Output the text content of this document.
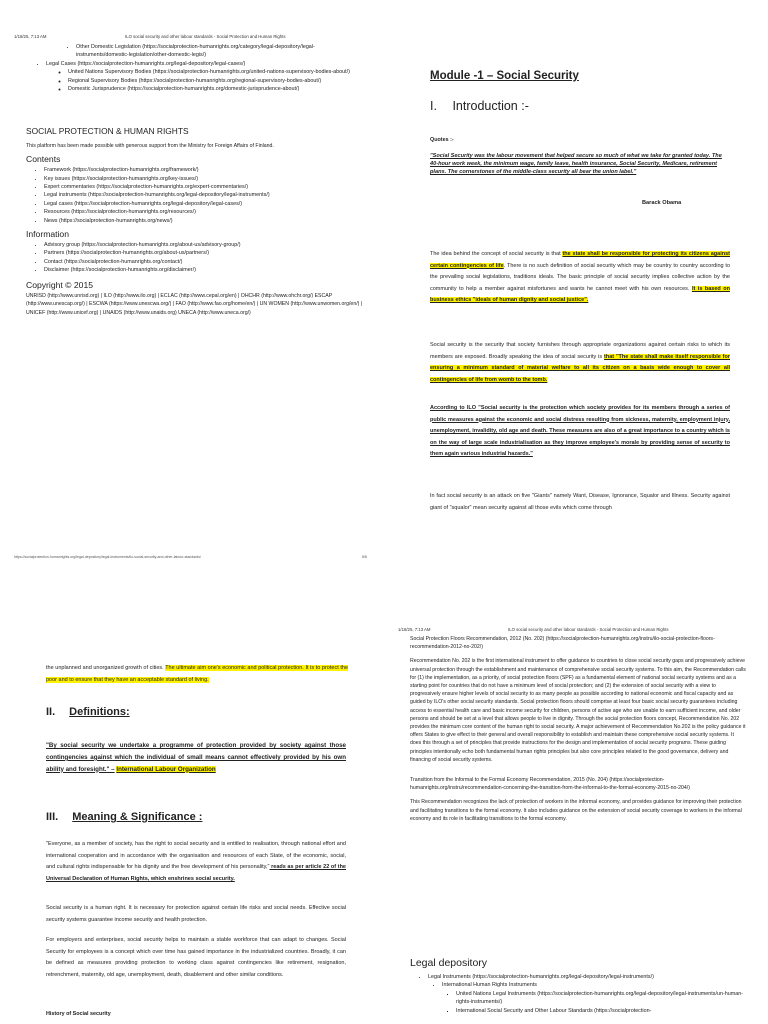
1/18/25, 7:13 AM	ILO social security and other labour standards - Social Protection and Human Rights
• Other Domestic Legislation (https://socialprotection-humanrights.org/category/legal-depository/legal-instruments/domestic-legislation/other-domestic-legis/)
• Legal Cases (https://socialprotection-humanrights.org/legal-depository/legal-cases/)
◦ United Nations Supervisory Bodies (https://socialprotection-humanrights.org/united-nations-supervisory-bodies-about/)
◦ Regional Supervisory Bodies (https://socialprotection-humanrights.org/regional-supervisory-bodies-about/)
◦ Domestic Jurisprudence (https://socialprotection-humanrights.org/domestic-jurisprudence-about/)
SOCIAL PROTECTION & HUMAN RIGHTS
This platform has been made possible with generous support from the Ministry for Foreign Affairs of Finland.
Contents
• Framework (https://socialprotection-humanrights.org/framework/)
• Key issues (https://socialprotection-humanrights.org/key-issues/)
• Expert commentaries (https://socialprotection-humanrights.org/expert-commentaries/)
• Legal instruments (https://socialprotection-humanrights.org/legal-depository/legal-instruments/)
• Legal cases (https://socialprotection-humanrights.org/legal-depository/legal-cases/)
• Resources (https://socialprotection-humanrights.org/resources/)
• News (https://socialprotection-humanrights.org/news/)
Information
• Advisory group (https://socialprotection-humanrights.org/about-us/advisory-group/)
• Partners (https://socialprotection-humanrights.org/about-us/partners/)
• Contact (https://socialprotection-humanrights.org/contact/)
• Disclaimer (https://socialprotection-humanrights.org/disclaimer/)
Copyright © 2015
UNRISD (http://www.unrisd.org) | ILO (http://www.ilo.org) | ECLAC (http://www.cepal.org/en) | OHCHR (http://www.ohchr.org/) ESCAP (http://www.unescap.org/) | ESCWA (https://www.unescwa.org/) | FAO (http://www.fao.org/home/en/) | UN WOMEN (http://www.unwomen.org/en/) | UNICEF (http://www.unicef.org) | UNAIDS (http://www.unaids.org) UNECA (http://www.uneca.org/)
https://socialprotection-humanrights.org/legal-depository/legal-instruments/ilo-social-security-and-other-labour-standards/	8/8
Module -1 – Social Security
I. Introduction :-
Quotes :-
"Social Security was the labour movement that helped secure so much of what we take for granted today. The 40-hour work week, the minimum wage, family leave, health insurance, Social Security, Medicare, retirement plans. The cornerstones of the middle-class security all bear the union label."
Barack Obama
The idea behind the concept of social security is that the state shall be responsible for protecting its citizens against certain contingencies of life. There is no such definition of social security which may be country to country according to the prevailing social legislations, traditions ideals. The basic principle of social security implies collective action by the community to help a member against misfortunes and wants he cannot meet with his own resources. It is based on business ethics "ideals of human dignity and social justice".
Social security is the security that society furnishes through appropriate organizations against certain risks to which its members are exposed. Broadly speaking the idea of social security is that "The state shall make itself responsible for ensuring a minimum standard of material welfare to all its citizen on a basis wide enough to cover all contingencies of life from womb to the tomb.
According to ILO "Social security is the protection which society provides for its members through a series of public measures against the economic and social distress resulting from sickness, maternity, employment injury, unemployment, invalidity, old age and death. These measures are also of a great importance to a country which is on the way of large scale industrialisation as they improve employee's morale by providing sense of security to them again various industrial hazards."
In fact social security is an attack on five "Giants" namely Want, Disease, Ignorance, Squalor and Illness. Security against giant of "squalor" mean security against all those evils which come through
the unplanned and unorganized growth of cities. The ultimate aim one's economic and political protection. It is to protect the poor and to ensure that they have an acceptable standard of living.
II. Definitions:
"By social security we undertake a programme of protection provided by society against those contingencies against which the individual of small means cannot effectively provided by his own ability and foresight." – International Labour Organization
III. Meaning & Significance :
"Everyone, as a member of society, has the right to social security and is entitled to realisation, through national effort and international cooperation and in accordance with the organisation and resources of each State, of the economic, social, and cultural rights indispensable for his dignity and the free development of his personality," reads as per article 22 of the Universal Declaration of Human Rights, which enshrines social security.
Social security is a human right. It is necessary for protection against certain life risks and social needs. Effective social security systems guarantee income security and health protection.
For employers and enterprises, social security helps to maintain a stable workforce that can adapt to changes. Social Security for employees is a concept which over time has gained importance in the industrialized countries. Broadly, it can be defined as measures providing protection to working class against contingencies like retirement, resignation, retrenchment, maternity, old age, unemployment, death, disablement and other similar conditions.
History of Social security
1/18/25, 7:13 AM	ILO social security and other labour standards - Social Protection and Human Rights
Social Protection Floors Recommendation, 2012 (No. 202) (https://socialprotection-humanrights.org/instru/ilo-social-protection-floors-recommendation-2012-no-202/)
Recommendation No. 202 is the first international instrument to offer guidance to countries to close social security gaps and progressively achieve universal protection through the establishment and maintenance of comprehensive social security systems. To this aim, the Recommendation calls for (1) the implementation, as a priority, of social protection floors (SPF) as a fundamental element of national social security systems and as a starting point for countries that do not have a minimum level of social protection; and (2) the extension of social security with a view to progressively ensure higher levels of social security to as many people as possible according to national economic and fiscal capacity and as guided by ILO's other social security standards. Social protection floors should comprise at least four basic social security guarantees including access to essential health care and basic income security for children, persons of active age who are unable to earn sufficient income, and older persons and should be set at a level that allows people to live in dignity. Through the social protection floors concept, Recommendation No. 202 provides the minimum core content of the human right to social security. A major achievement of Recommendation No.202 is the policy guidance it offers States to give effect to their general and overall responsibility to establish and maintain these comprehensive social security systems. It does this through a set of principles that provide instructions for the design and implementation of social security programs. These guiding principles intentionally echo both fundamental human rights principles but also core principles related to the good governance, delivery and financing of social security systems.
Transition from the Informal to the Formal Economy Recommendation, 2015 (No. 204) (https://socialprotection-humanrights.org/instru/recommendation-concerning-the-transition-from-the-informal-to-the-formal-economy-2015-no-204/)
This Recommendation recognizes the lack of protection of workers in the informal economy, and provides guidance for improving their protection and facilitating transitions to the formal economy. It also includes guidance on the extension of social security coverage to workers in the informal economy and its role in facilitating transitions to the formal economy.
Legal depository
• Legal Instruments (https://socialprotection-humanrights.org/legal-depository/legal-instruments/)
• International Human Rights Instruments
▪ United Nations Legal Instruments (https://socialprotection-humanrights.org/legal-depository/legal-instruments/un-human-rights-instruments/)
▪ International Social Security and Other Labour Standards (https://socialprotection-
